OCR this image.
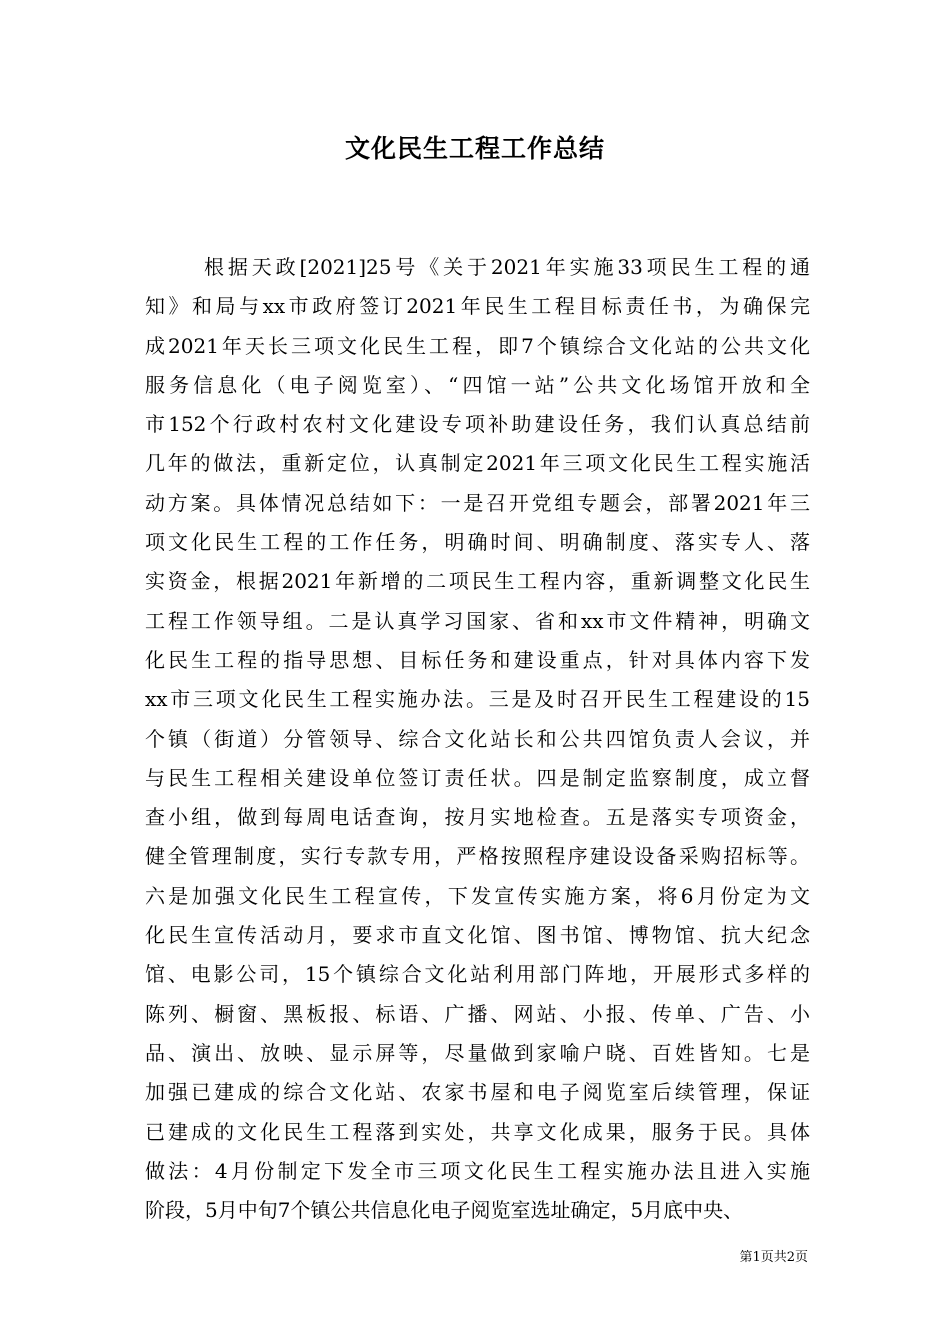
文化民生工程工作总结
根据天政[2021]25号《关于2021年实施33项民生工程的通
知》和局与xx市政府签订2021年民生工程目标责任书，为确保完
成2021年天长三项文化民生工程，即7个镇综合文化站的公共文化
服务信息化（电子阅览室）、“四馆一站”公共文化场馆开放和全
市152个行政村农村文化建设专项补助建设任务，我们认真总结前
几年的做法，重新定位，认真制定2021年三项文化民生工程实施活
动方案。具体情况总结如下：一是召开党组专题会，部署2021年三
项文化民生工程的工作任务，明确时间、明确制度、落实专人、落
实资金，根据2021年新增的二项民生工程内容，重新调整文化民生
工程工作领导组。二是认真学习国家、省和xx市文件精神，明确文
化民生工程的指导思想、目标任务和建设重点，针对具体内容下发
xx市三项文化民生工程实施办法。三是及时召开民生工程建设的15
个镇（街道）分管领导、综合文化站长和公共四馆负责人会议，并
与民生工程相关建设单位签订责任状。四是制定监察制度，成立督
查小组，做到每周电话查询，按月实地检查。五是落实专项资金，
健全管理制度，实行专款专用，严格按照程序建设设备采购招标等。
六是加强文化民生工程宣传，下发宣传实施方案，将6月份定为文
化民生宣传活动月，要求市直文化馆、图书馆、博物馆、抗大纪念
馆、电影公司，15个镇综合文化站利用部门阵地，开展形式多样的
陈列、橱窗、黑板报、标语、广播、网站、小报、传单、广告、小
品、演出、放映、显示屏等，尽量做到家喻户晓、百姓皆知。七是
加强已建成的综合文化站、农家书屋和电子阅览室后续管理，保证
已建成的文化民生工程落到实处，共享文化成果，服务于民。具体
做法：4月份制定下发全市三项文化民生工程实施办法且进入实施
阶段，5月中旬7个镇公共信息化电子阅览室选址确定，5月底中央、
第1页共2页
